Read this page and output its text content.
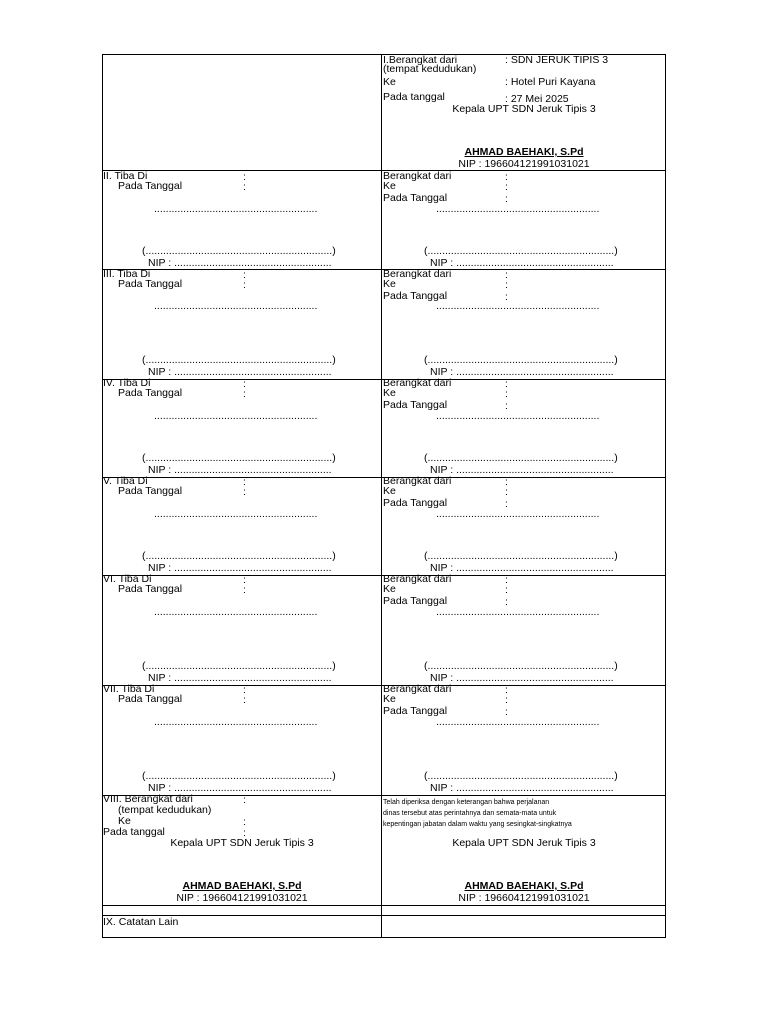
I.Berangkat dari	: SDN JERUK TIPIS 3
(tempat kedudukan)
Ke	: Hotel Puri Kayana
Pada tanggal	: 27 Mei 2025
Kepala UPT SDN Jeruk Tipis 3
AHMAD BAEHAKI, S.Pd
NIP : 196604121991031021
II. Tiba Di	:
Pada Tanggal	:
........................................................
(................................................................)
NIP : ......................................................
Berangkat dari	:
Ke	:
Pada Tanggal	:
........................................................
(................................................................)
NIP : ......................................................
III. Tiba Di	:
Pada Tanggal	:
........................................................
(................................................................)
NIP : ......................................................
Berangkat dari	:
Ke	:
Pada Tanggal	:
........................................................
(................................................................)
NIP : ......................................................
IV. Tiba Di	:
Pada Tanggal	:
........................................................
(................................................................)
NIP : ......................................................
Berangkat dari	:
Ke	:
Pada Tanggal	:
........................................................
(................................................................)
NIP : ......................................................
V. Tiba Di	:
Pada Tanggal	:
........................................................
(................................................................)
NIP : ......................................................
Berangkat dari	:
Ke	:
Pada Tanggal	:
........................................................
(................................................................)
NIP : ......................................................
VI. Tiba Di	:
Pada Tanggal	:
........................................................
(................................................................)
NIP : ......................................................
Berangkat dari	:
Ke	:
Pada Tanggal	:
........................................................
(................................................................)
NIP : ......................................................
VII. Tiba Di	:
Pada Tanggal	:
........................................................
(................................................................)
NIP : ......................................................
Berangkat dari	:
Ke	:
Pada Tanggal	:
........................................................
(................................................................)
NIP : ......................................................
VIII. Berangkat dari	:
(tempat kedudukan)
Ke	:
Pada tanggal	:
Kepala UPT SDN Jeruk Tipis 3
AHMAD BAEHAKI, S.Pd
NIP : 196604121991031021
Telah diperiksa dengan keterangan bahwa perjalanan
dinas tersebut atas perintahnya dan semata-mata untuk
kepentingan jabatan dalam waktu yang sesingkat-singkatnya
Kepala UPT SDN Jeruk Tipis 3
AHMAD BAEHAKI, S.Pd
NIP : 196604121991031021
IX. Catatan Lain
